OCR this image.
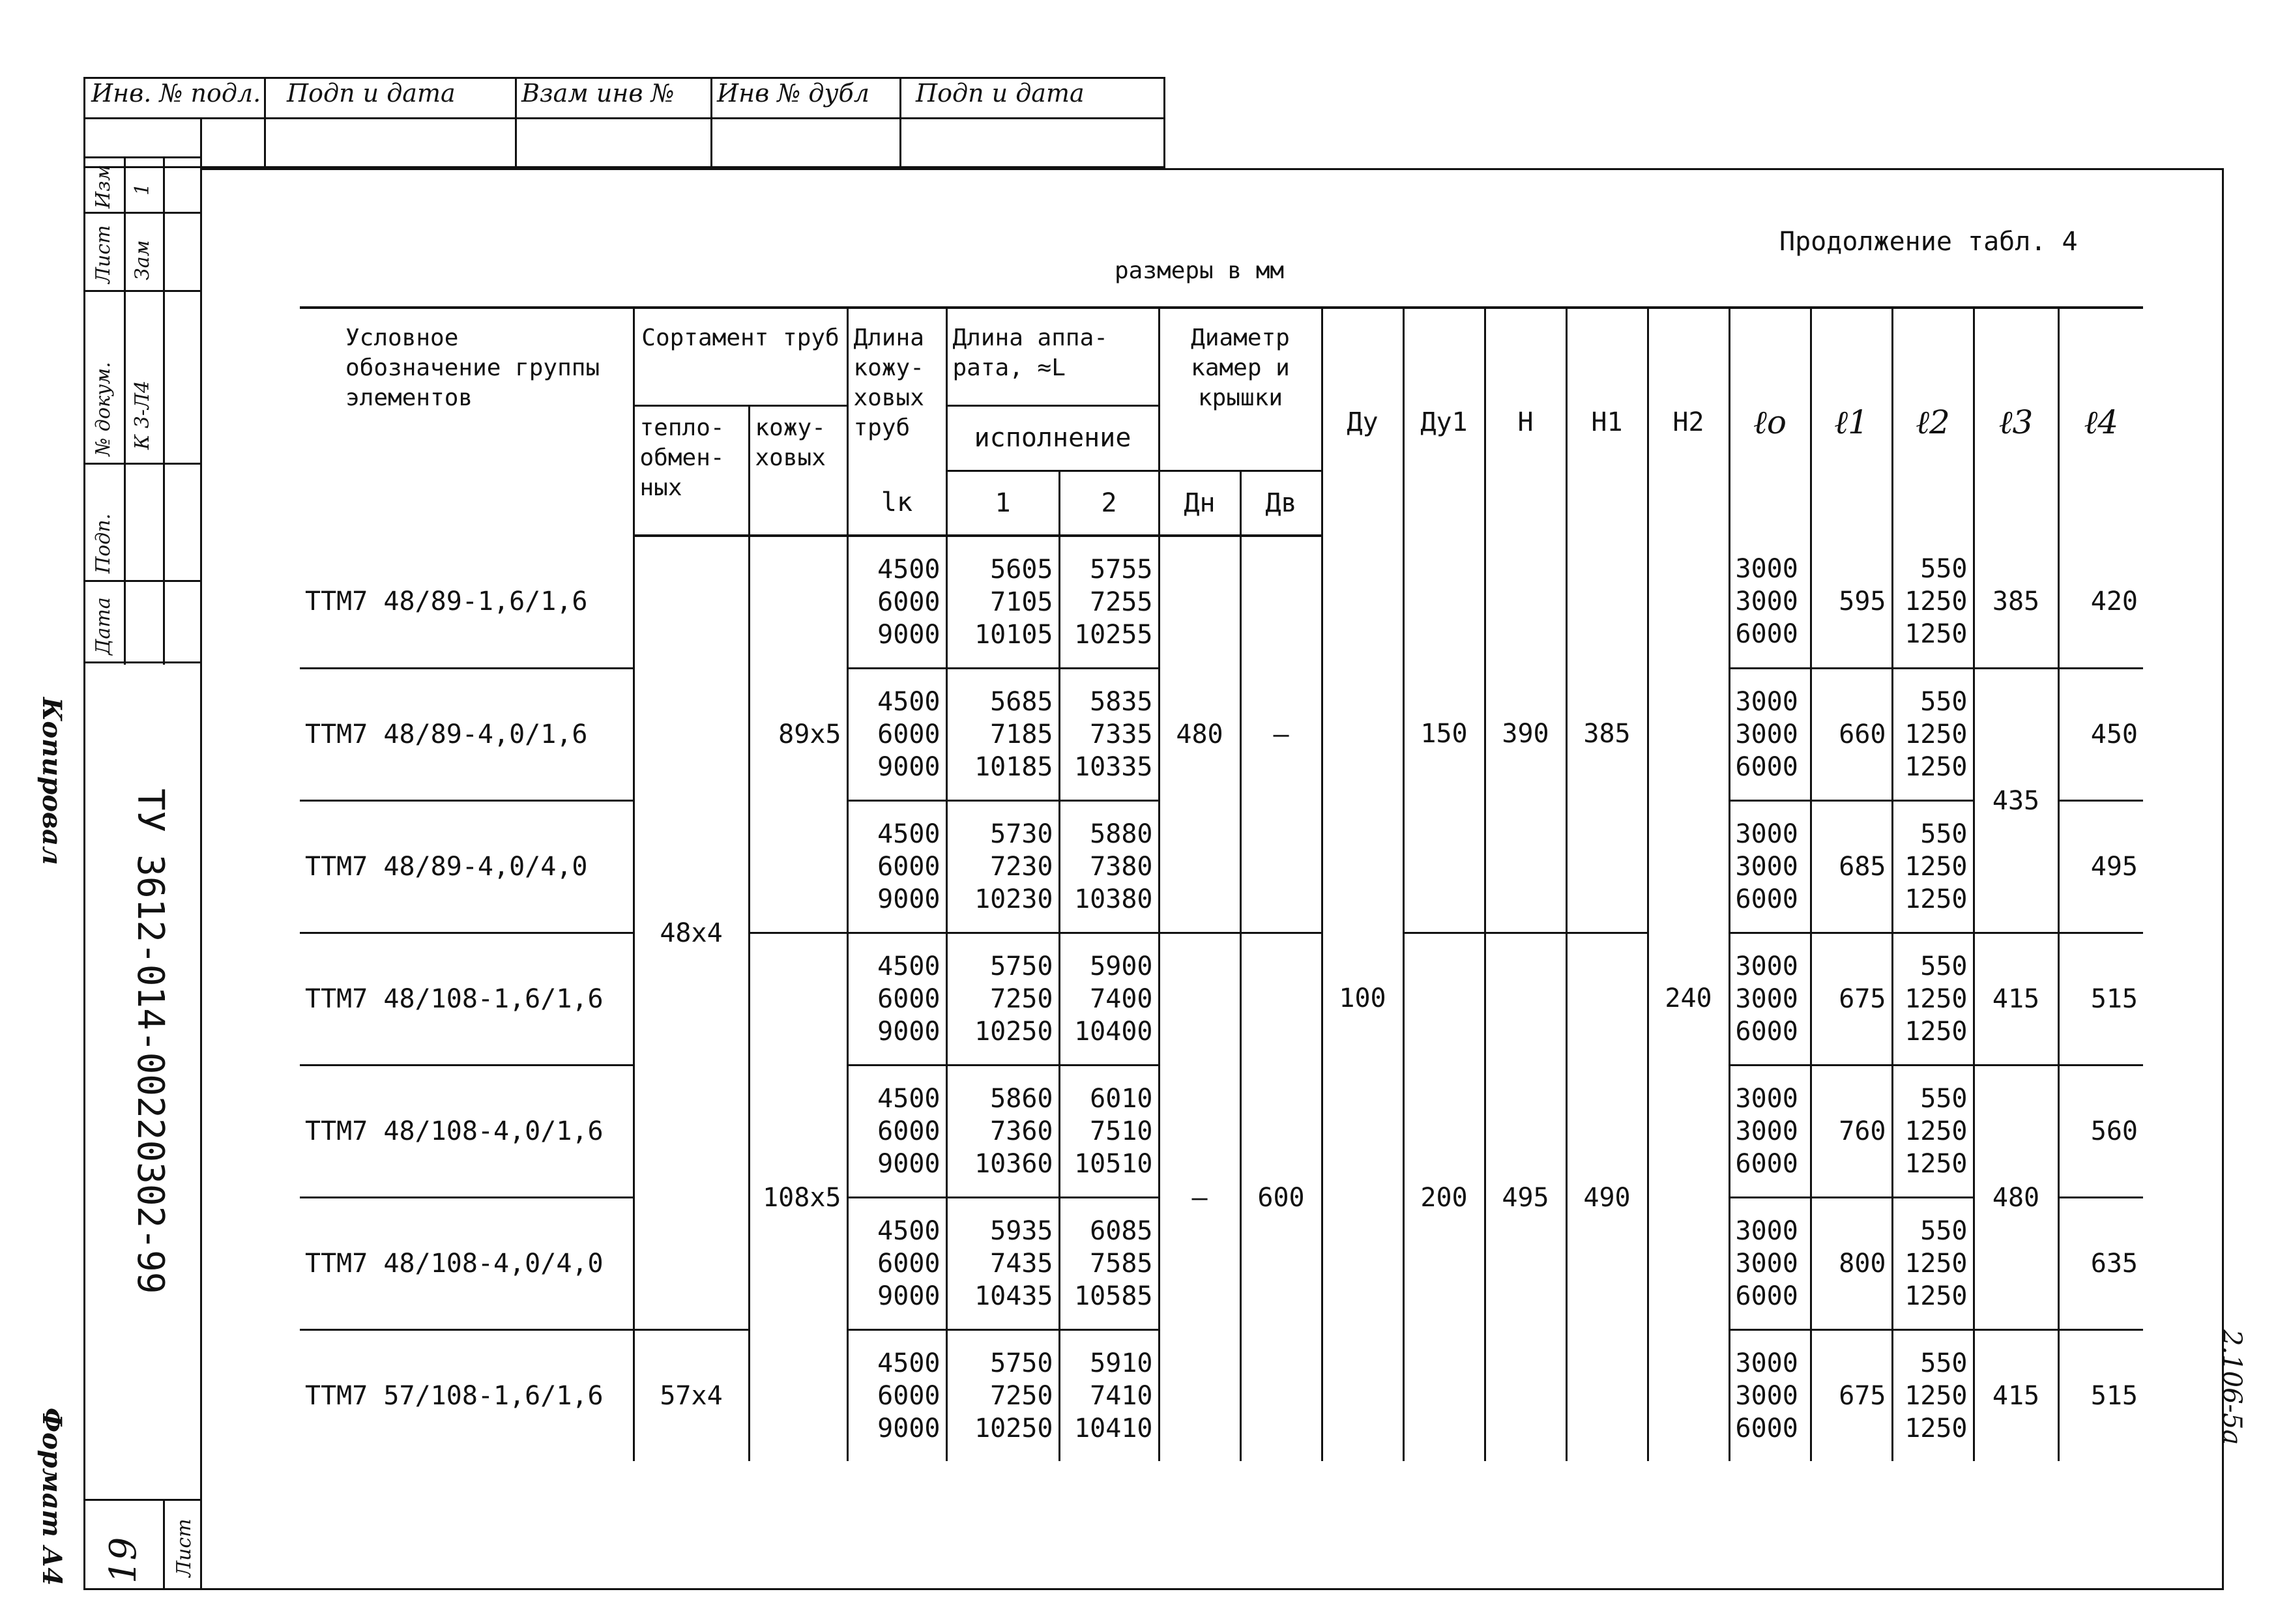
Инв. № подл. Подп и дата	Взам инв № Инв № дубл Подп и дата
Изм
Лист
№ докум.
Подп.
Дата
1
Зам
К 3-Л4
ТУ 3612-014-00220302-99
Лист
19
Копировал
Формат А4
2.106-5а
Продолжение табл. 4
размеры в мм
Условное обозначение группы элементов	Сортамент труб		Длина кожу-ховых труб	Длина аппа-рата, ≈L		Диаметр камер и крышки		Ду	Ду1	Н	Н1	Н2	ℓо	ℓ1	ℓ2	ℓ3	ℓ4
	тепло-обмен-ных	кожу-ховых		исполнение													
			lк	1	2	Дн	Дв										
ТТМ7 48/89-1,6/1,6	48x4	89x5	4500
6000
9000	5605
7105
10105	5755
7255
10255	480	–	100	150	390	385	240	3000
3000
6000	595	550
1250
1250	385	420
ТТМ7 48/89-4,0/1,6			4500
6000
9000	5685
7185
10185	5835
7335
10335								3000
3000
6000	660	550
1250
1250	435	450
ТТМ7 48/89-4,0/4,0			4500
6000
9000	5730
7230
10230	5880
7380
10380								3000
3000
6000	685	550
1250
1250		495
ТТМ7 48/108-1,6/1,6		108x5	4500
6000
9000	5750
7250
10250	5900
7400
10400	–	600		200	495	490		3000
3000
6000	675	550
1250
1250	415	515
ТТМ7 48/108-4,0/1,6			4500
6000
9000	5860
7360
10360	6010
7510
10510								3000
3000
6000	760	550
1250
1250	480	560
ТТМ7 48/108-4,0/4,0			4500
6000
9000	5935
7435
10435	6085
7585
10585								3000
3000
6000	800	550
1250
1250		635
ТТМ7 57/108-1,6/1,6	57x4		4500
6000
9000	5750
7250
10250	5910
7410
10410								3000
3000
6000	675	550
1250
1250	415	515
